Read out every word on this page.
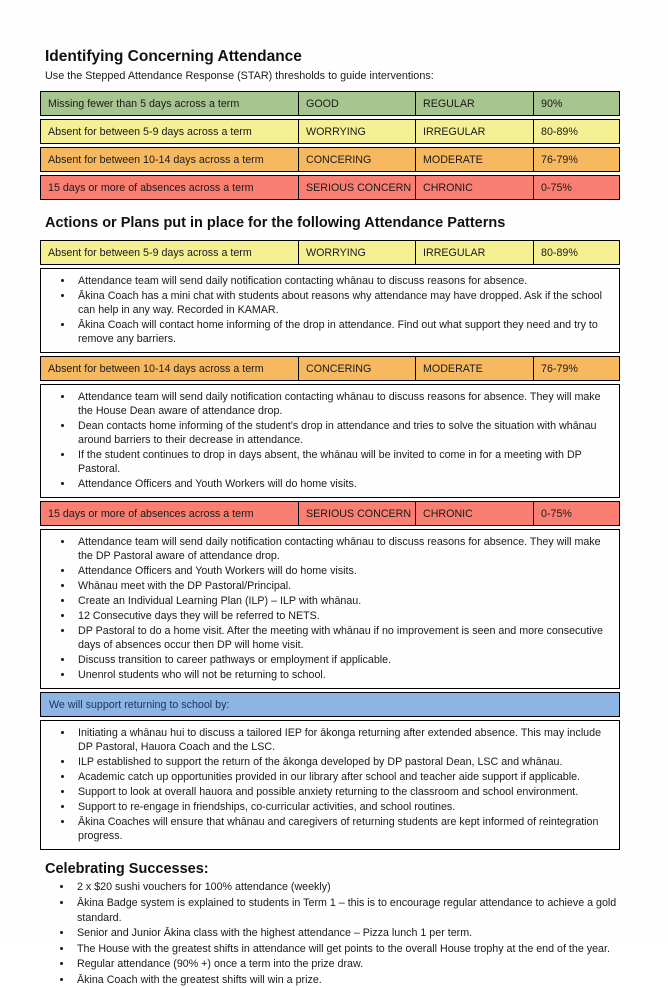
Identifying Concerning Attendance

Use the Stepped Attendance Response (STAR) thresholds to guide interventions:

Missing fewer than 5 days across a term	GOOD	REGULAR	90%
Absent for between 5-9 days across a term	WORRYING	IRREGULAR	80-89%
Absent for between 10-14 days across a term	CONCERING	MODERATE	76-79%
15 days or more of absences across a term	SERIOUS CONCERN	CHRONIC	0-75%
Actions or Plans put in place for the following Attendance Patterns
Absent for between 5-9 days across a term	WORRYING	IRREGULAR	80-89%
• Attendance team will send daily notification contacting whānau to discuss reasons for absence.
• Ākina Coach has a mini chat with students about reasons why attendance may have dropped. Ask if the school can help in any way. Recorded in KAMAR.
• Ākina Coach will contact home informing of the drop in attendance. Find out what support they need and try to remove any barriers.
Absent for between 10-14 days across a term	CONCERING	MODERATE	76-79%
• Attendance team will send daily notification contacting whānau to discuss reasons for absence. They will make the House Dean aware of attendance drop.
• Dean contacts home informing of the student’s drop in attendance and tries to solve the situation with whānau around barriers to their decrease in attendance.
• If the student continues to drop in days absent, the whānau will be invited to come in for a meeting with DP Pastoral.
• Attendance Officers and Youth Workers will do home visits.
15 days or more of absences across a term	SERIOUS CONCERN	CHRONIC	0-75%
• Attendance team will send daily notification contacting whānau to discuss reasons for absence. They will make the DP Pastoral aware of attendance drop.
• Attendance Officers and Youth Workers will do home visits.
• Whānau meet with the DP Pastoral/Principal.
• Create an Individual Learning Plan (ILP) – ILP with whānau.
• 12 Consecutive days they will be referred to NETS.
• DP Pastoral to do a home visit. After the meeting with whānau if no improvement is seen and more consecutive days of absences occur then DP will home visit.
• Discuss transition to career pathways or employment if applicable.
• Unenrol students who will not be returning to school.
We will support returning to school by:
• Initiating a whānau hui to discuss a tailored IEP for ākonga returning after extended absence. This may include DP Pastoral, Hauora Coach and the LSC.
• ILP established to support the return of the ākonga developed by DP pastoral Dean, LSC and whānau.
• Academic catch up opportunities provided in our library after school and teacher aide support if applicable.
• Support to look at overall hauora and possible anxiety returning to the classroom and school environment.
• Support to re-engage in friendships, co-curricular activities, and school routines.
• Ākina Coaches will ensure that whānau and caregivers of returning students are kept informed of reintegration progress.
Celebrating Successes:
• 2 x $20 sushi vouchers for 100% attendance (weekly)
• Ākina Badge system is explained to students in Term 1 – this is to encourage regular attendance to achieve a gold standard.
• Senior and Junior Ākina class with the highest attendance – Pizza lunch 1 per term.
• The House with the greatest shifts in attendance will get points to the overall House trophy at the end of the year.
• Regular attendance (90% +) once a term into the prize draw.
• Ākina Coach with the greatest shifts will win a prize.
